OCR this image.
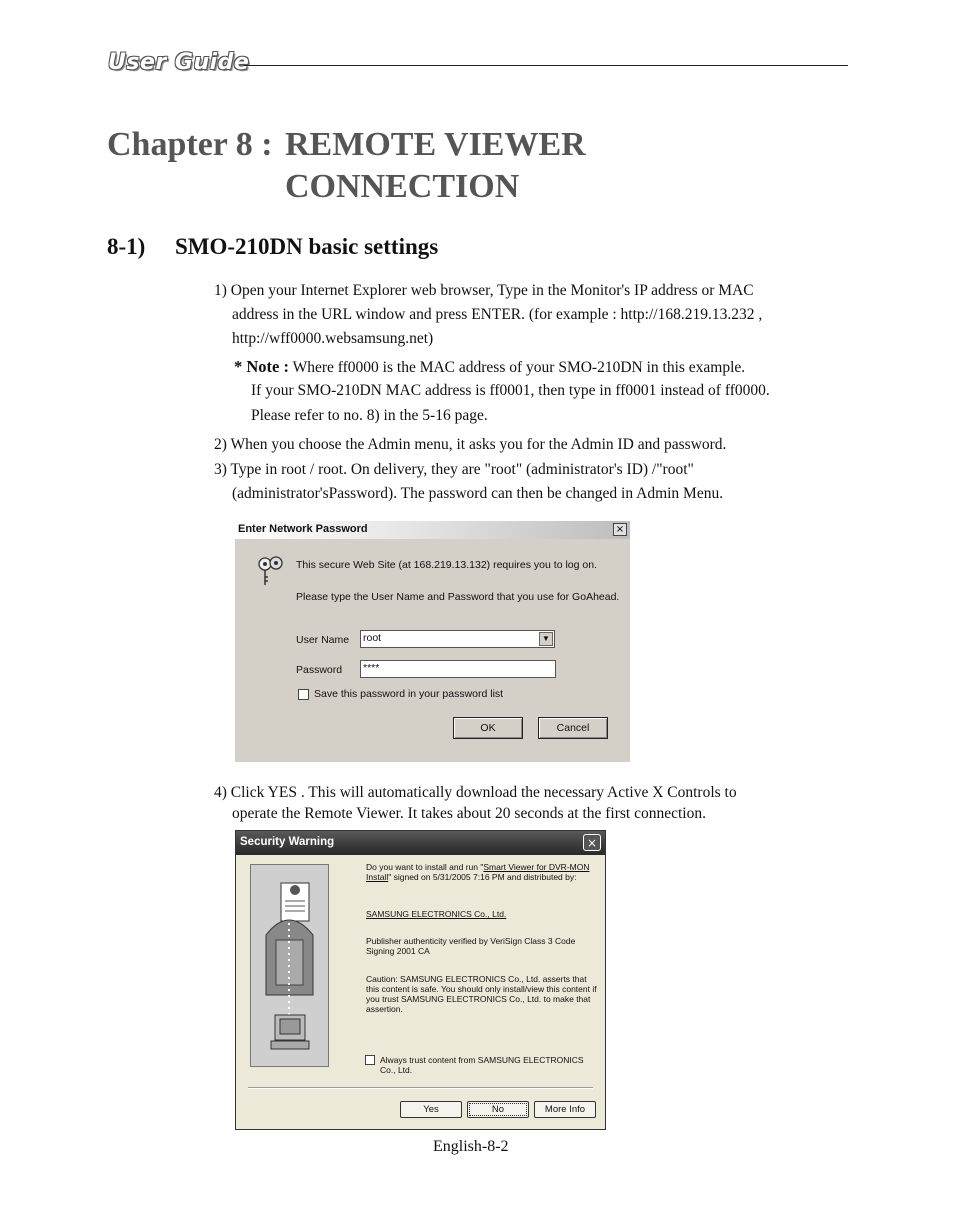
User Guide
Chapter 8 : REMOTE VIEWER
CONNECTION
8-1) SMO-210DN basic settings
1) Open your Internet Explorer web browser, Type in the Monitor's IP address or MAC
address in the URL window and press ENTER. (for example : http://168.219.13.232 ,
http://wff0000.websamsung.net)
* Note : Where ff0000 is the MAC address of your SMO-210DN in this example.
If your SMO-210DN MAC address is ff0001, then type in ff0001 instead of ff0000.
Please refer to no. 8) in the 5-16 page.
2) When you choose the Admin menu, it asks you for the Admin ID and password.
3) Type in root / root. On delivery, they are "root" (administrator's ID) /"root"
(administrator'sPassword). The password can then be changed in Admin Menu.
Enter Network Password	×
This secure Web Site (at 168.219.13.132) requires you to log on.
Please type the User Name and Password that you use for GoAhead.
User Name root	▼
Password ****
Save this password in your password list
OK	Cancel
4) Click YES . This will automatically download the necessary Active X Controls to
operate the Remote Viewer. It takes about 20 seconds at the first connection.
Security Warning	×
Do you want to install and run "Smart Viewer for DVR-MON Install" signed on 5/31/2005 7:16 PM and distributed by:
SAMSUNG ELECTRONICS Co., Ltd.
Publisher authenticity verified by VeriSign Class 3 Code Signing 2001 CA
Caution: SAMSUNG ELECTRONICS Co., Ltd. asserts that this content is safe. You should only install/view this content if you trust SAMSUNG ELECTRONICS Co., Ltd. to make that assertion.
Always trust content from SAMSUNG ELECTRONICS Co., Ltd.
Yes	No	More Info
English-8-2
